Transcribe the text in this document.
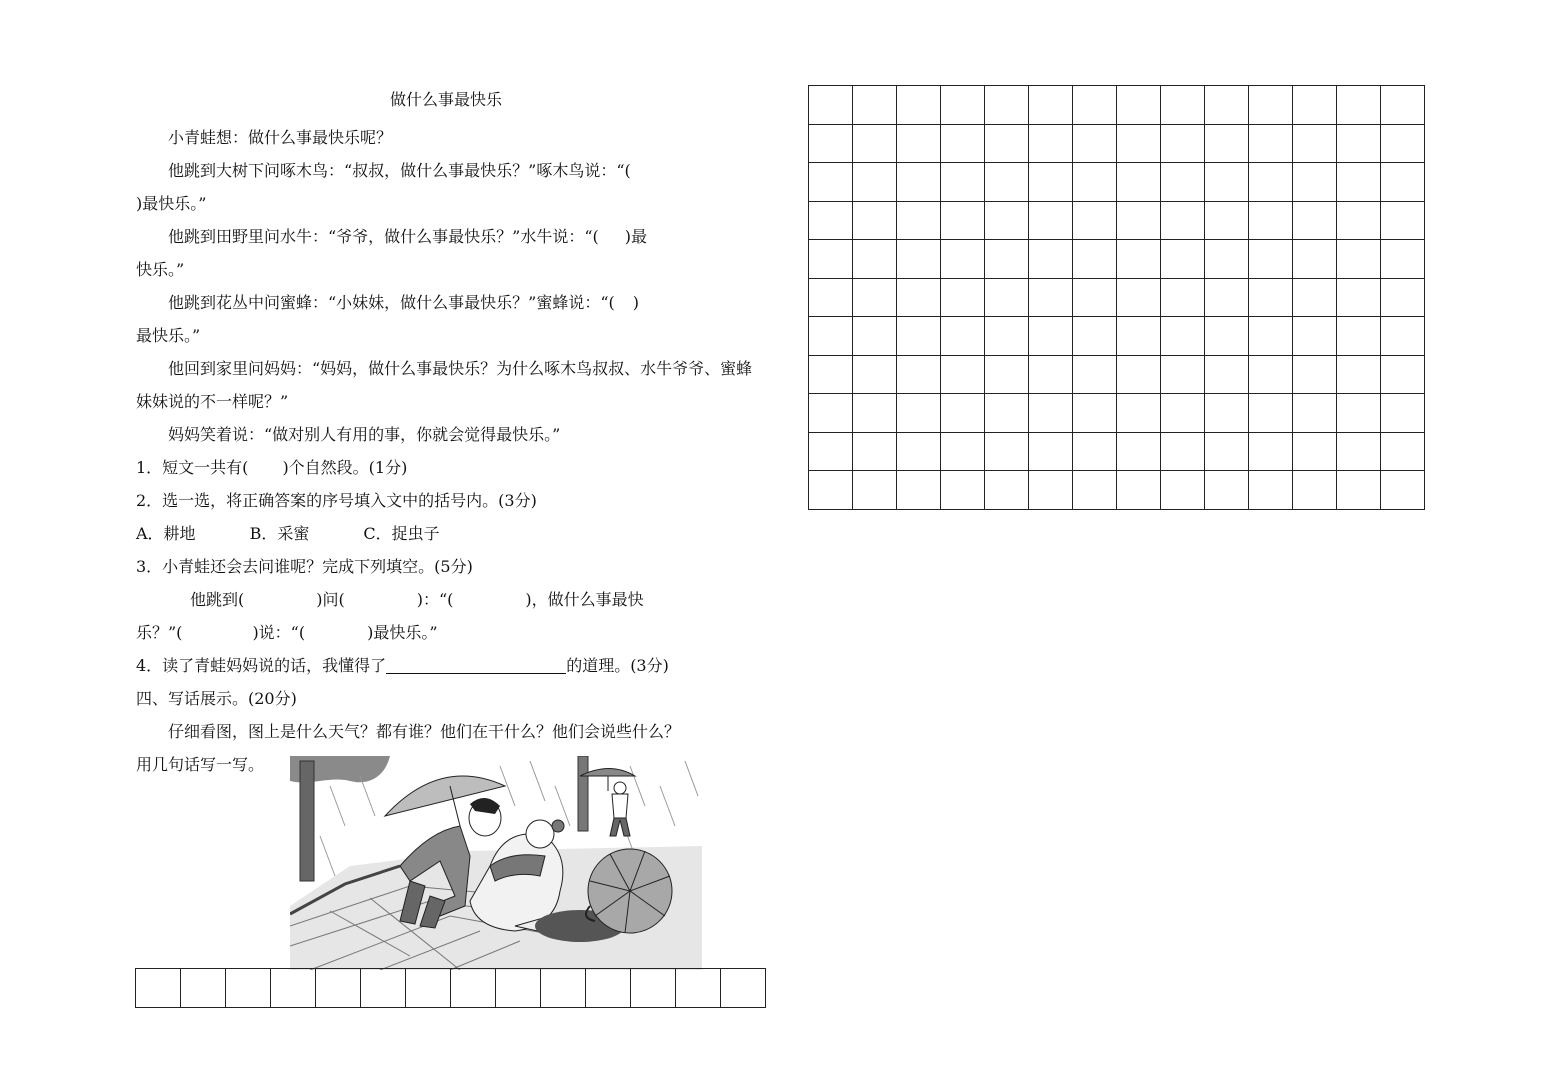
做什么事最快乐

小青蛙想：做什么事最快乐呢？

他跳到大树下问啄木鸟：“叔叔，做什么事最快乐？”啄木鸟说：“(
)最快乐。”

他跳到田野里问水牛：“爷爷，做什么事最快乐？”水牛说：“( )最
快乐。”

他跳到花丛中问蜜蜂：“小妹妹，做什么事最快乐？”蜜蜂说：“( )
最快乐。”

他回到家里问妈妈：“妈妈，做什么事最快乐？为什么啄木鸟叔叔、水牛爷爷、蜜蜂妹妹说的不一样呢？”

妈妈笑着说：“做对别人有用的事，你就会觉得最快乐。”

1．短文一共有( )个自然段。(1分)
2．选一选，将正确答案的序号填入文中的括号内。(3分)
A．耕地	B．采蜜	C．捉虫子
3．小青蛙还会去问谁呢？完成下列填空。(5分)
他跳到(	)问(	)：“(	)，做什么事最快
乐？”(	)说：“(	)最快乐。”
4．读了青蛙妈妈说的话，我懂得了	的道理。(3分)
四、写话展示。(20分)
仔细看图，图上是什么天气？都有谁？他们在干什么？他们会说些什么？
用几句话写一写。
